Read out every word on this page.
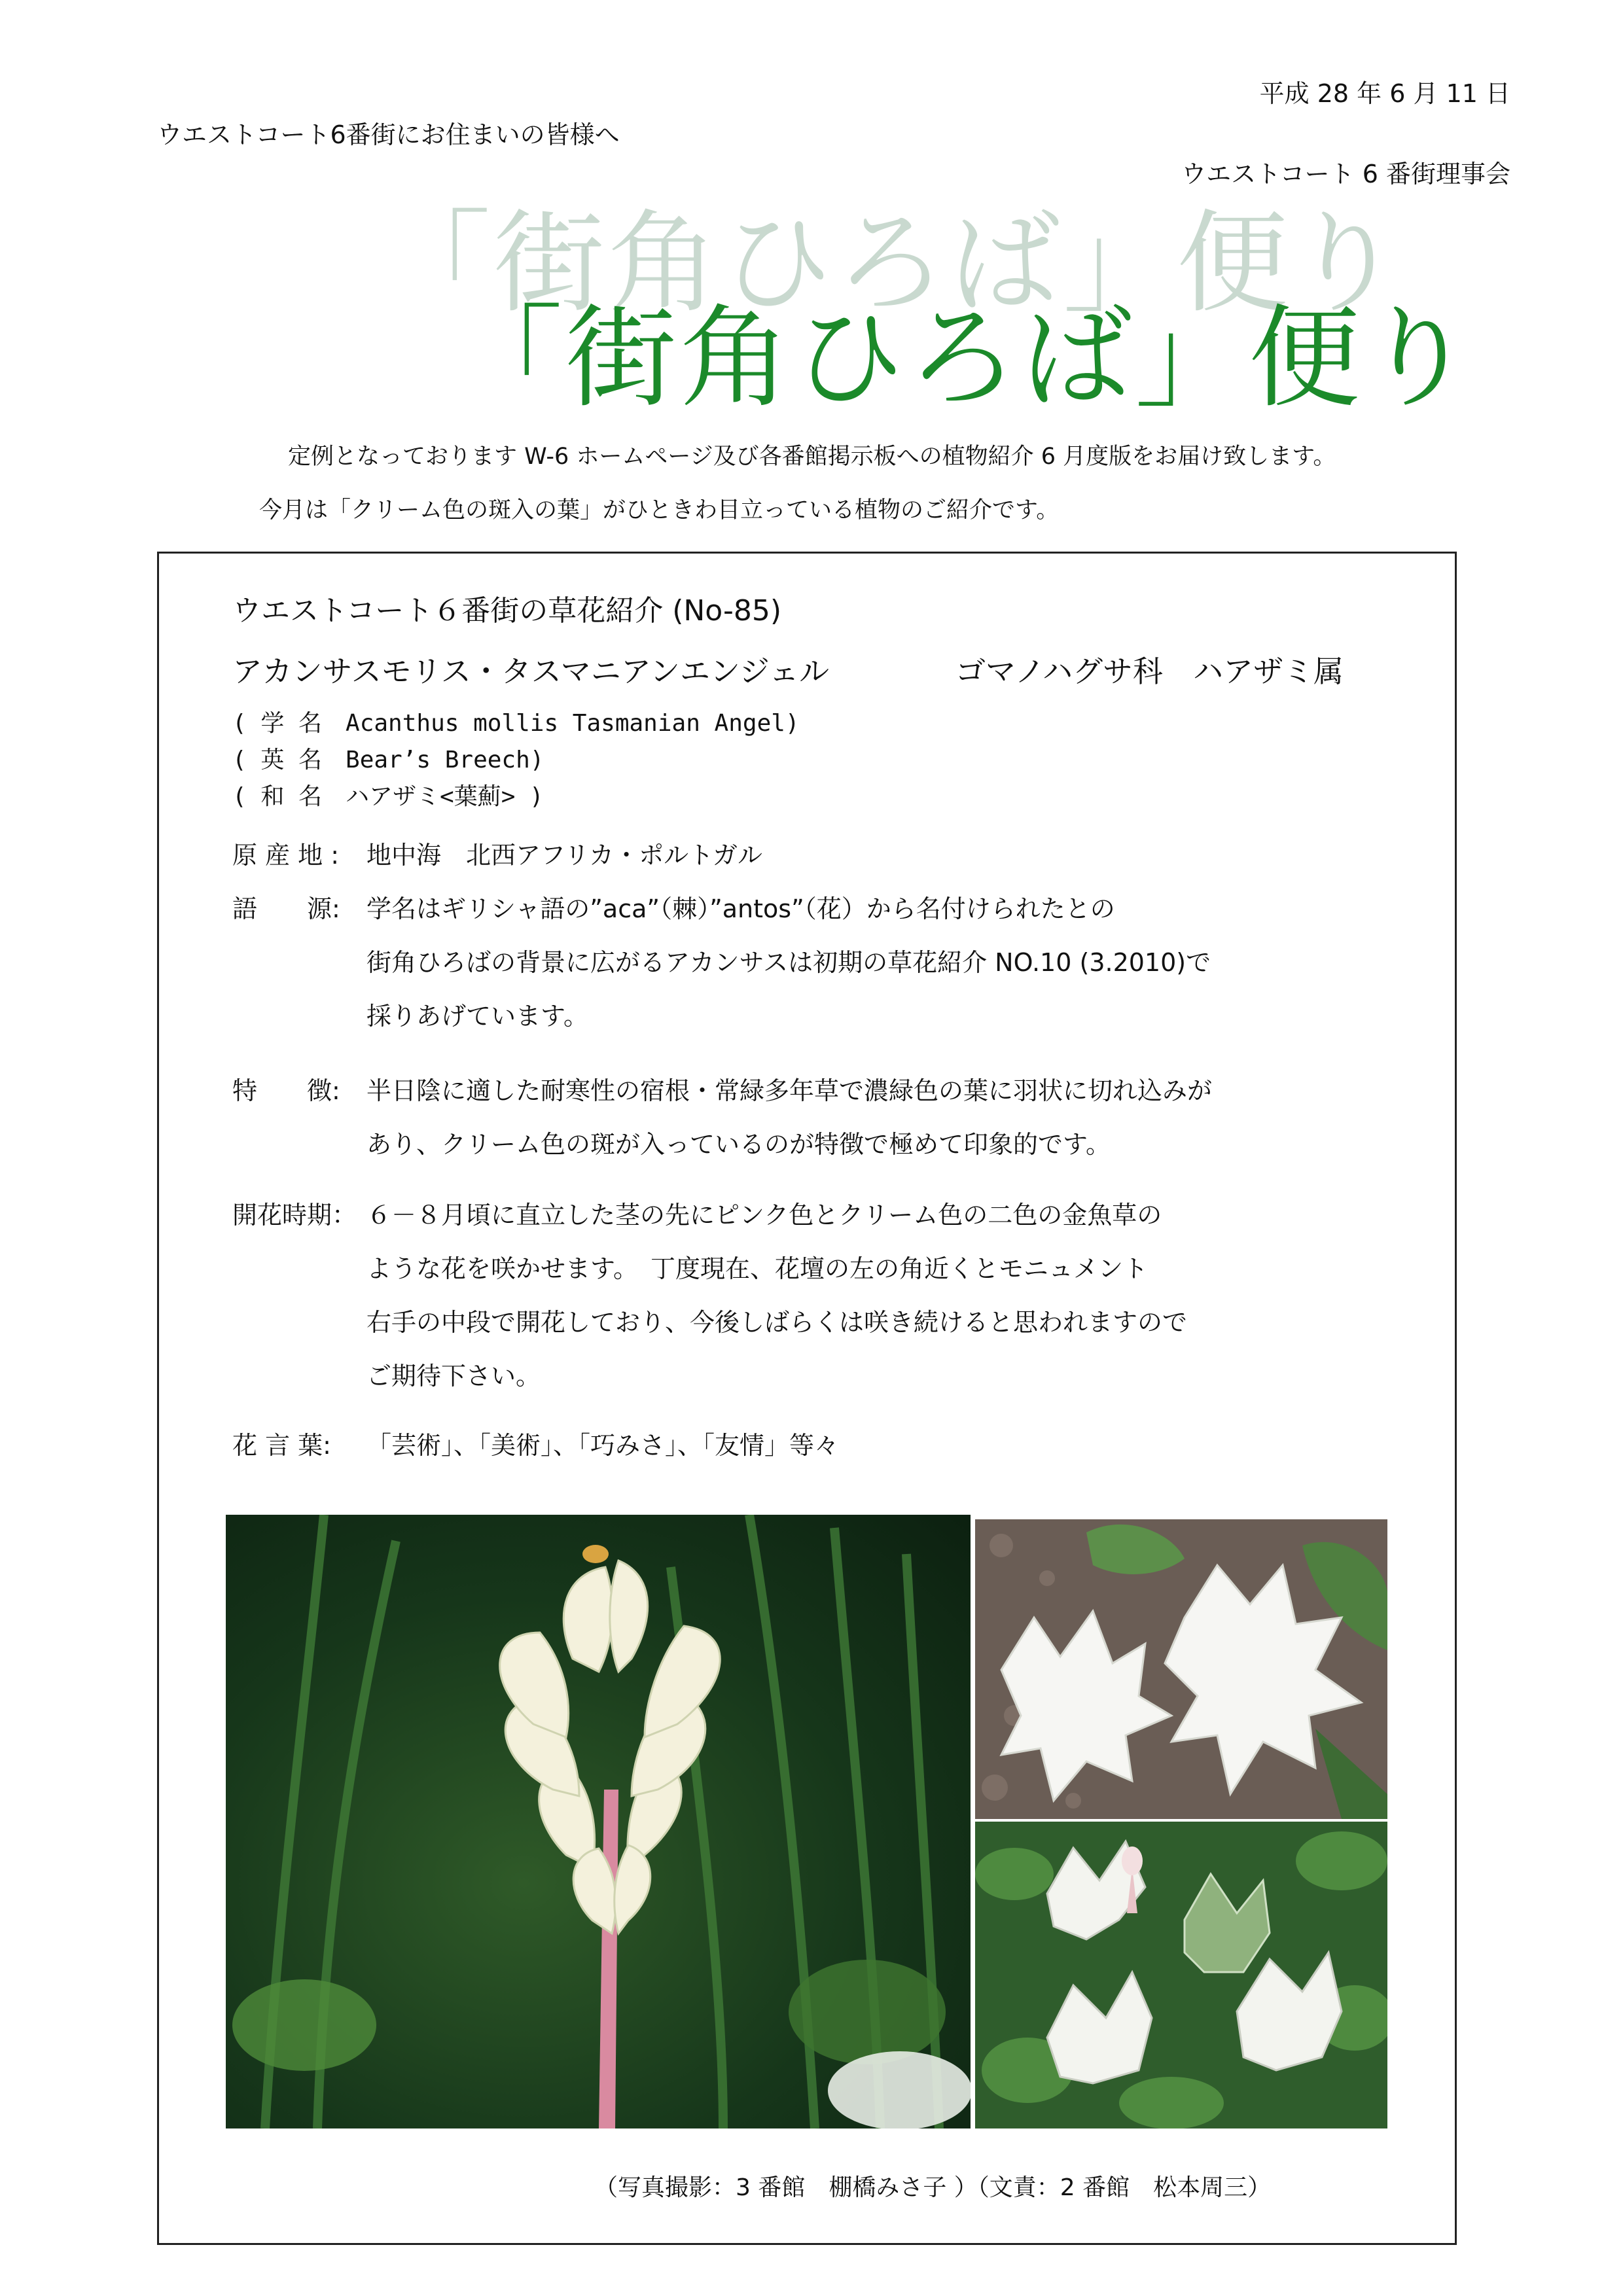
平成 28 年 6 月 11 日
ウエストコート6番街にお住まいの皆様へ
ウエストコート 6 番街理事会
「街角ひろば」便り
「街角ひろば」便り
定例となっております W-6 ホームページ及び各番館掲示板への植物紹介 6 月度版をお届け致します。
今月は「クリーム色の斑入の葉」がひときわ目立っている植物のご紹介です。
ウエストコート６番街の草花紹介 (No-85)
アカンサスモリス・タスマニアンエンジェル	ゴマノハグサ科　ハアザミ属
( 学 名　Acanthus mollis Tasmanian Angel)
( 英 名　Bear’s Breech)
( 和 名　ハアザミ<葉薊> )
原 産 地 :	地中海　北西アフリカ・ポルトガル
語　　源:	学名はギリシャ語の”aca”（棘）”antos”（花）から名付けられたとの
街角ひろばの背景に広がるアカンサスは初期の草花紹介 NO.10 (3.2010)で
採りあげています。
特　　徴:	半日陰に適した耐寒性の宿根・常緑多年草で濃緑色の葉に羽状に切れ込みが
あり、クリーム色の斑が入っているのが特徴で極めて印象的です。
開花時期： ６－８月頃に直立した茎の先にピンク色とクリーム色の二色の金魚草の
ような花を咲かせます。　丁度現在、花壇の左の角近くとモニュメント
右手の中段で開花しており、今後しばらくは咲き続けると思われますので
ご期待下さい。
花 言 葉:	「芸術」、「美術」、「巧みさ」、「友情」等々
（写真撮影：3 番館　棚橋みさ子 ）（文責：2 番館　松本周三）
